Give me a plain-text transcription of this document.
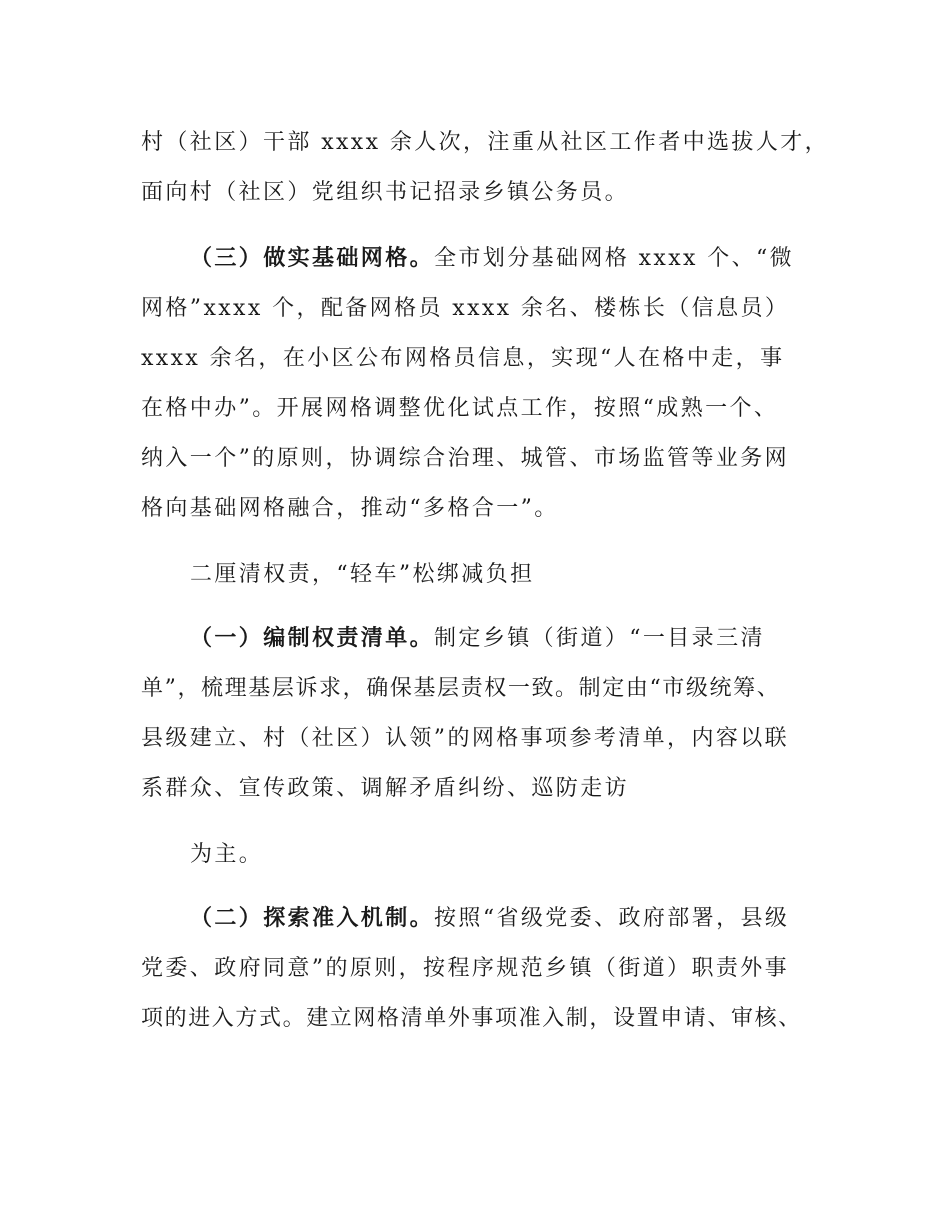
村（社区）干部 xxxx 余人次，注重从社区工作者中选拔人才，
面向村（社区）党组织书记招录乡镇公务员。
（三）做实基础网格。全市划分基础网格 xxxx 个、“微
网格”xxxx 个，配备网格员 xxxx 余名、楼栋长（信息员）
xxxx 余名，在小区公布网格员信息，实现“人在格中走，事
在格中办”。开展网格调整优化试点工作，按照“成熟一个、
纳入一个”的原则，协调综合治理、城管、市场监管等业务网
格向基础网格融合，推动“多格合一”。
二厘清权责，“轻车”松绑减负担
（一）编制权责清单。制定乡镇（街道）“一目录三清
单”，梳理基层诉求，确保基层责权一致。制定由“市级统筹、
县级建立、村（社区）认领”的网格事项参考清单，内容以联
系群众、宣传政策、调解矛盾纠纷、巡防走访
为主。
（二）探索准入机制。按照“省级党委、政府部署，县级
党委、政府同意”的原则，按程序规范乡镇（街道）职责外事
项的进入方式。建立网格清单外事项准入制，设置申请、审核、
